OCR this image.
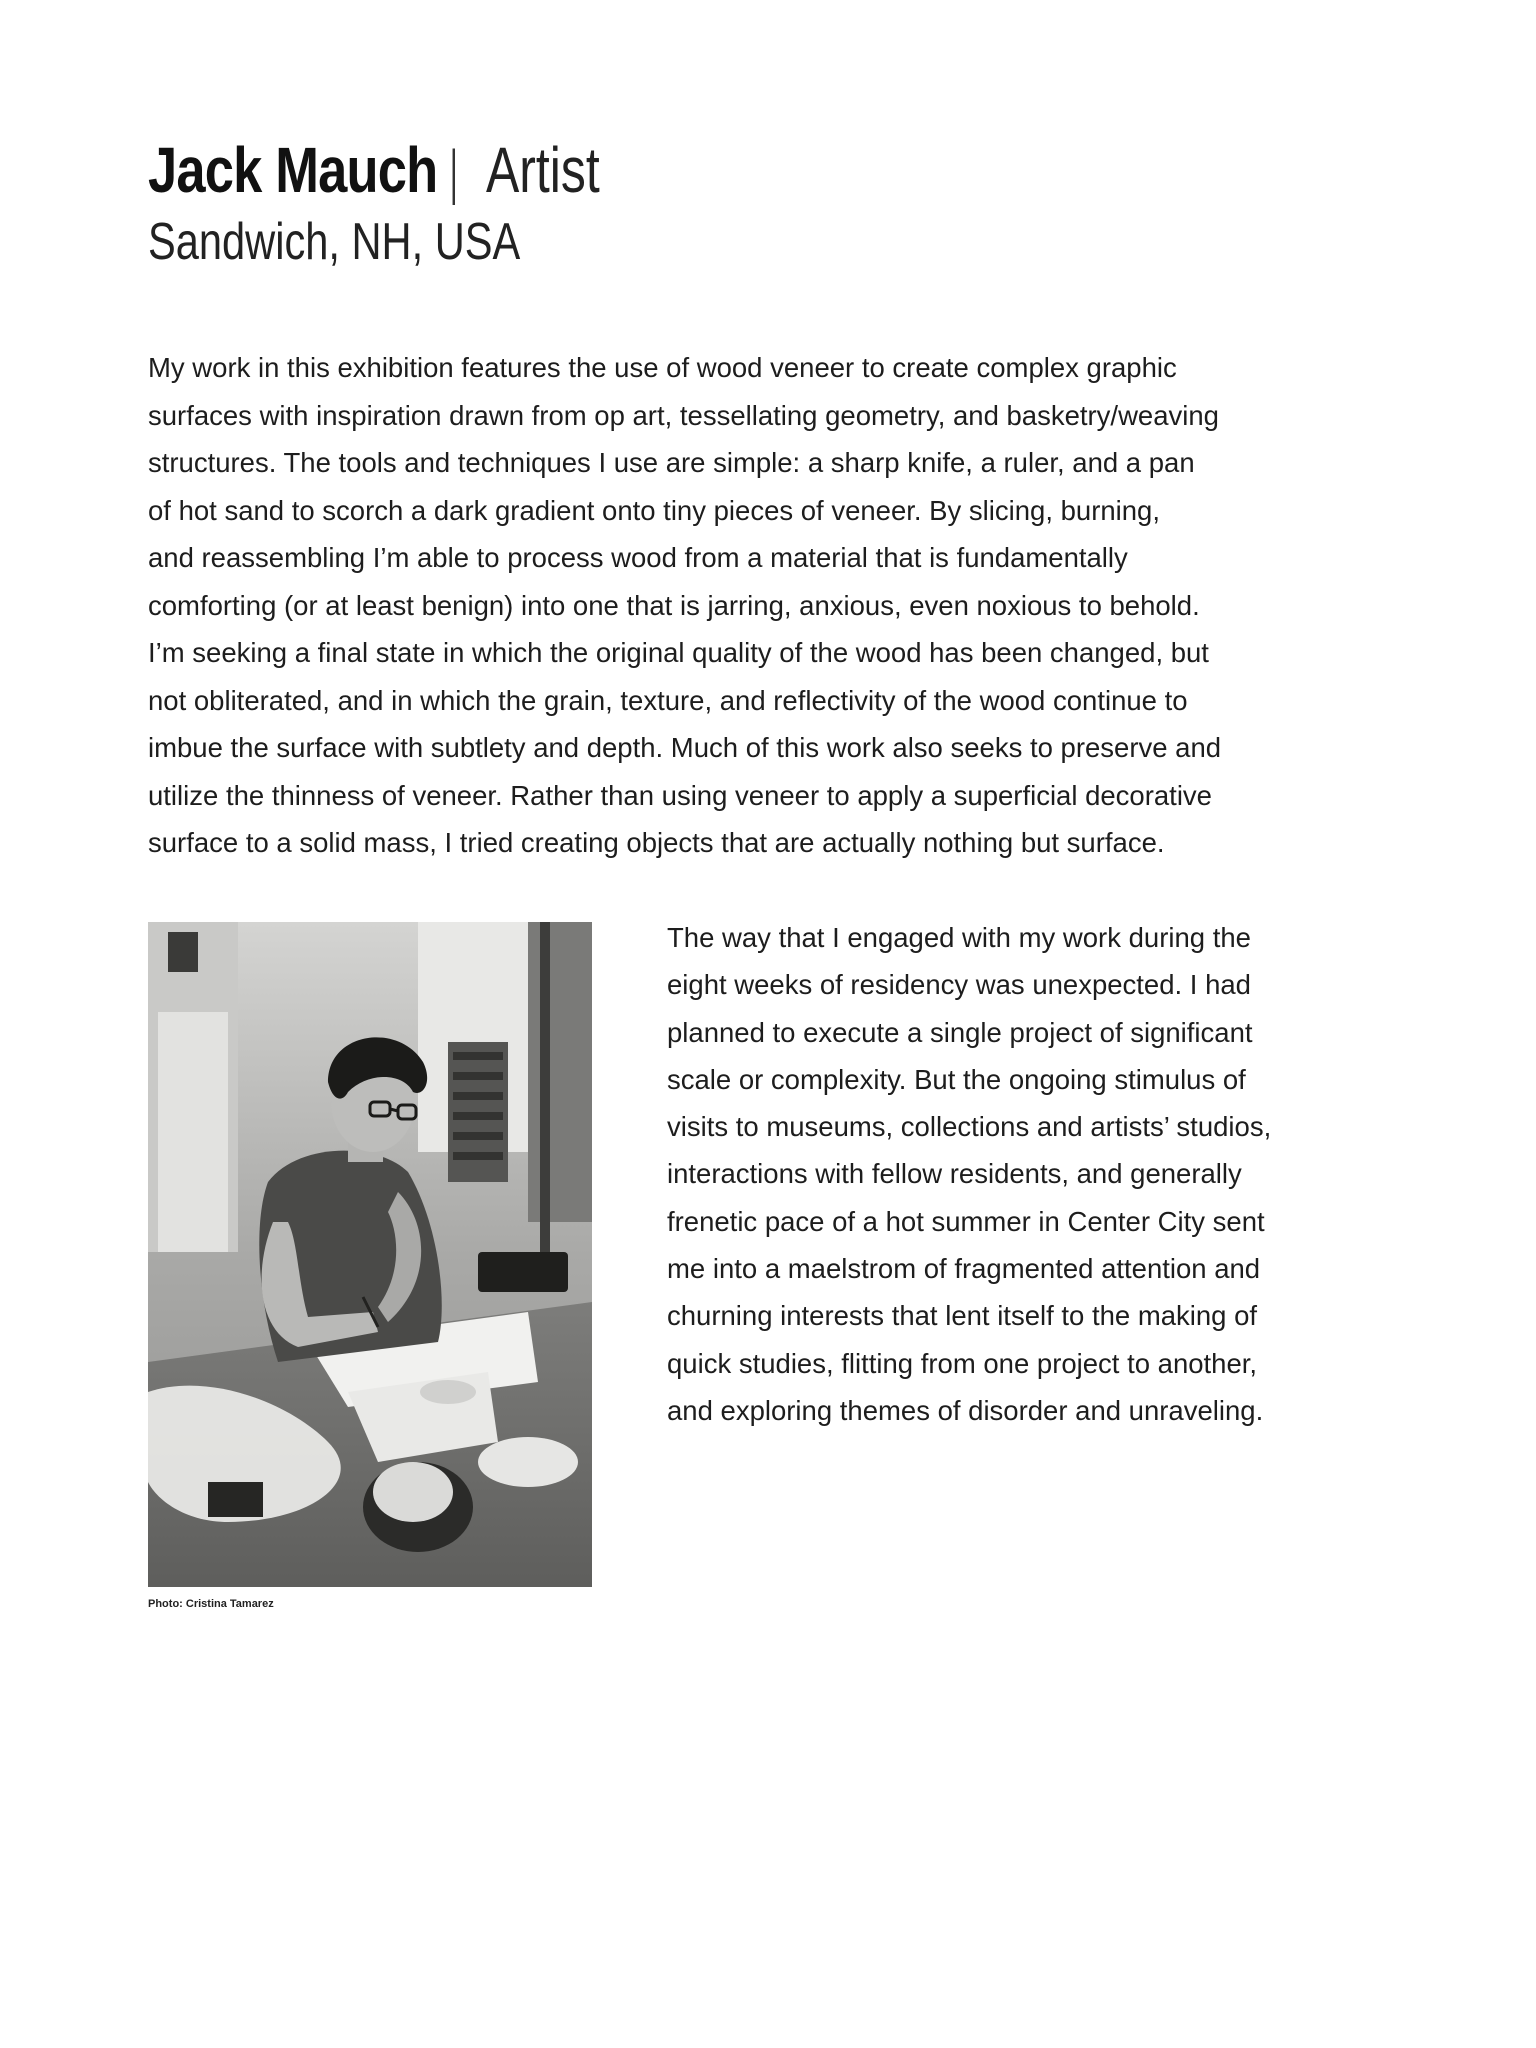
Jack Mauch | Artist
Sandwich, NH, USA

My work in this exhibition features the use of wood veneer to create complex graphic
surfaces with inspiration drawn from op art, tessellating geometry, and basketry/weaving
structures. The tools and techniques I use are simple: a sharp knife, a ruler, and a pan
of hot sand to scorch a dark gradient onto tiny pieces of veneer. By slicing, burning,
and reassembling I’m able to process wood from a material that is fundamentally
comforting (or at least benign) into one that is jarring, anxious, even noxious to behold.
I’m seeking a final state in which the original quality of the wood has been changed, but
not obliterated, and in which the grain, texture, and reflectivity of the wood continue to
imbue the surface with subtlety and depth. Much of this work also seeks to preserve and
utilize the thinness of veneer. Rather than using veneer to apply a superficial decorative
surface to a solid mass, I tried creating objects that are actually nothing but surface.

Photo: Cristina Tamarez

The way that I engaged with my work during the
eight weeks of residency was unexpected. I had
planned to execute a single project of significant
scale or complexity. But the ongoing stimulus of
visits to museums, collections and artists’ studios,
interactions with fellow residents, and generally
frenetic pace of a hot summer in Center City sent
me into a maelstrom of fragmented attention and
churning interests that lent itself to the making of
quick studies, flitting from one project to another,
and exploring themes of disorder and unraveling.
